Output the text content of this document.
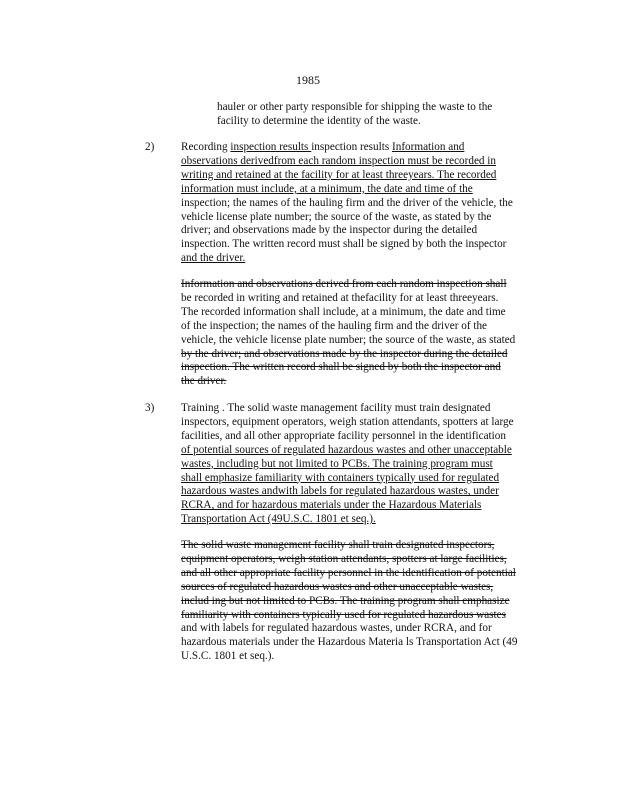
1985
hauler or other party responsible for shipping the waste to the
facility to determine the identity of the waste.
2) Recording inspection results inspection results Information and
observations derivedfrom each random inspection must be recorded in
writing and retained at the facility for at least threeyears. The recorded
information must include, at a minimum, the date and time of the
inspection; the names of the hauling firm and the driver of the vehicle, the
vehicle license plate number; the source of the waste, as stated by the
driver; and observations made by the inspector during the detailed
inspection. The written record must shall be signed by both the inspector
and the driver.
Information and observations derived from each random inspection shall
be recorded in writing and retained at thefacility for at least threeyears.
The recorded information shall include, at a minimum, the date and time
of the inspection; the names of the hauling firm and the driver of the
vehicle, the vehicle license plate number; the source of the waste, as stated
by the driver; and observations made by the inspector during the detailed
inspection. The written record shall be signed by both the inspector and
the driver.
3) Training . The solid waste management facility must train designated
inspectors, equipment operators, weigh station attendants, spotters at large
facilities, and all other appropriate facility personnel in the identification
of potential sources of regulated hazardous wastes and other unacceptable
wastes, including but not limited to PCBs. The training program must
shall emphasize familiarity with containers typically used for regulated
hazardous wastes andwith labels for regulated hazardous wastes, under
RCRA, and for hazardous materials under the Hazardous Materials
Transportation Act (49U.S.C. 1801 et seq.).
The solid waste management facility shall train designated inspectors,
equipment operators, weigh station attendants, spotters at large facilities,
and all other appropriate facility personnel in the identification of potential
sources of regulated hazardous wastes and other unacceptable wastes,
includ ing but not limited to PCBs. The training program shall emphasize
familiarity with containers typically used for regulated hazardous wastes
and with labels for regulated hazardous wastes, under RCRA, and for
hazardous materials under the Hazardous Materia ls Transportation Act (49
U.S.C. 1801 et seq.).
